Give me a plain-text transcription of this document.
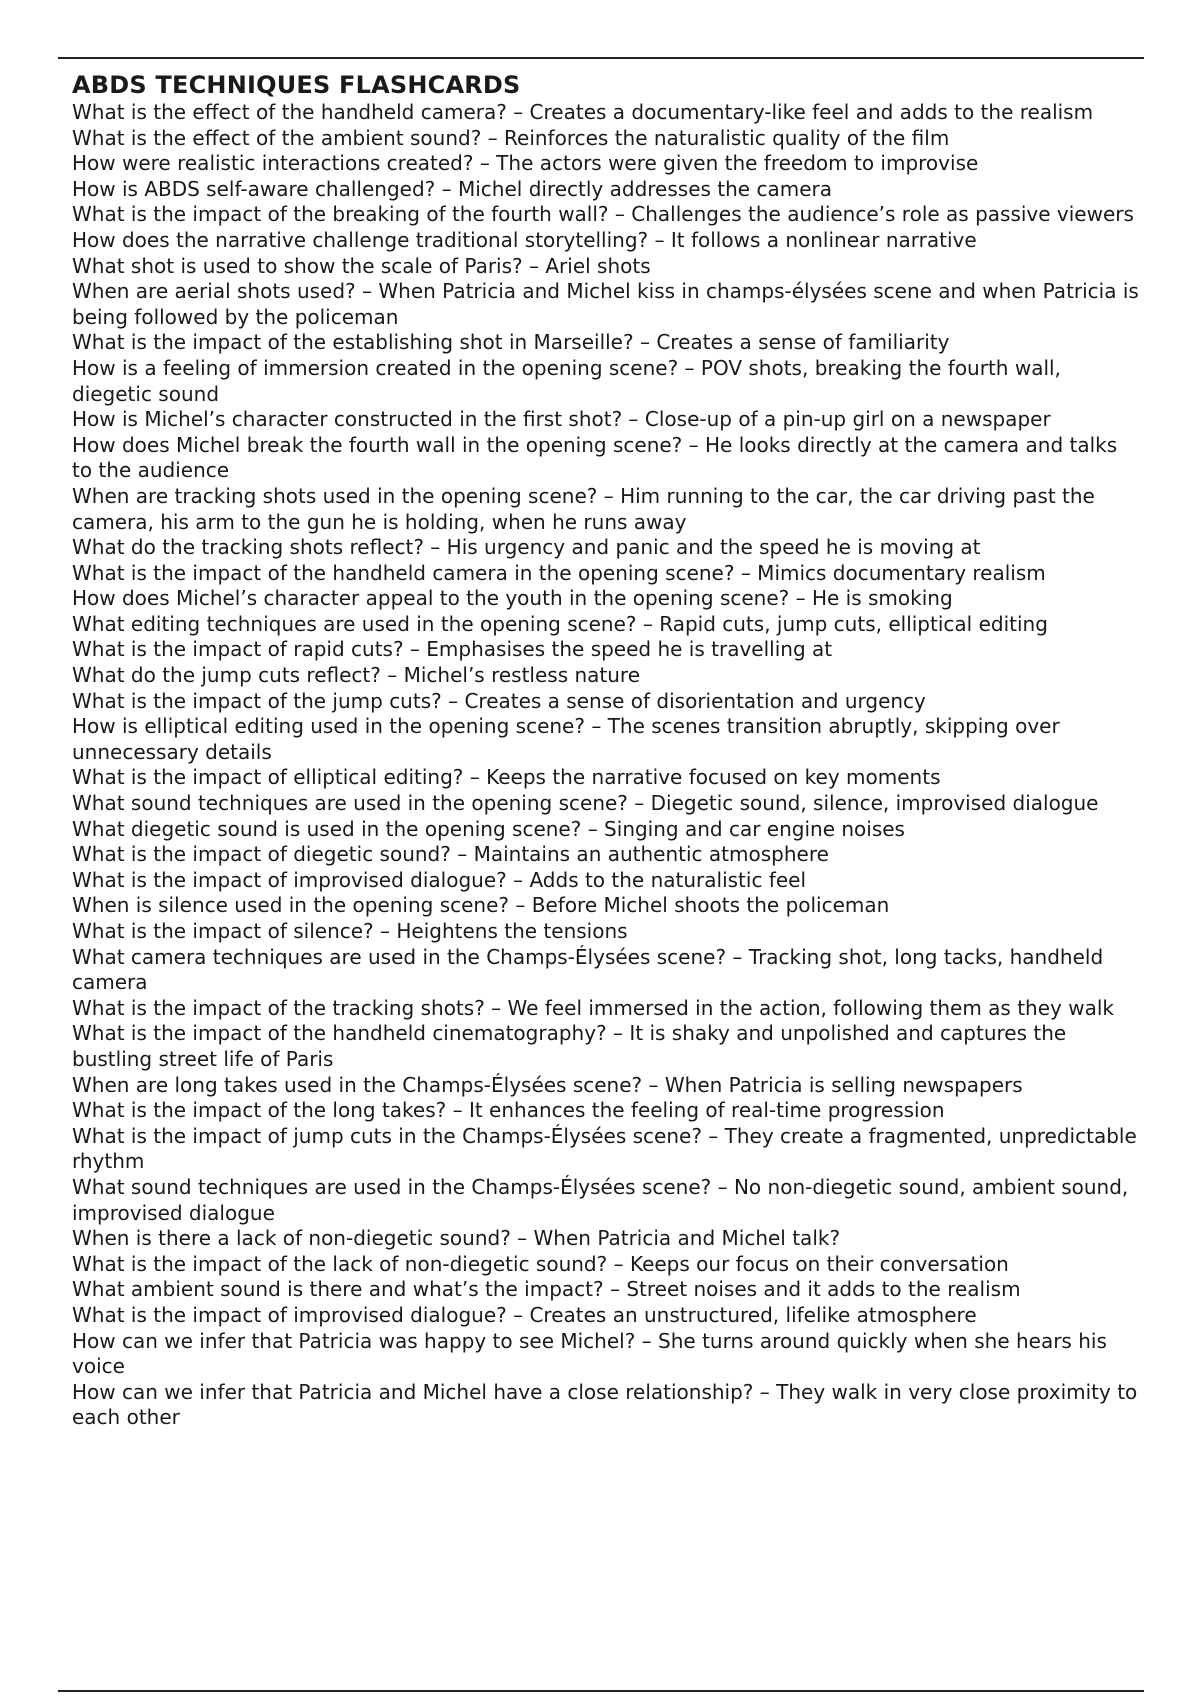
ABDS TECHNIQUES FLASHCARDS
What is the effect of the handheld camera? – Creates a documentary-like feel and adds to the realism
What is the effect of the ambient sound? – Reinforces the naturalistic quality of the film
How were realistic interactions created? – The actors were given the freedom to improvise
How is ABDS self-aware challenged? – Michel directly addresses the camera
What is the impact of the breaking of the fourth wall? – Challenges the audience’s role as passive viewers
How does the narrative challenge traditional storytelling? – It follows a nonlinear narrative
What shot is used to show the scale of Paris? – Ariel shots
When are aerial shots used? – When Patricia and Michel kiss in champs-élysées scene and when Patricia is being followed by the policeman
What is the impact of the establishing shot in Marseille? – Creates a sense of familiarity
How is a feeling of immersion created in the opening scene? – POV shots, breaking the fourth wall, diegetic sound
How is Michel’s character constructed in the first shot? – Close-up of a pin-up girl on a newspaper
How does Michel break the fourth wall in the opening scene? – He looks directly at the camera and talks to the audience
When are tracking shots used in the opening scene? – Him running to the car, the car driving past the camera, his arm to the gun he is holding, when he runs away
What do the tracking shots reflect? – His urgency and panic and the speed he is moving at
What is the impact of the handheld camera in the opening scene? – Mimics documentary realism
How does Michel’s character appeal to the youth in the opening scene? – He is smoking
What editing techniques are used in the opening scene? – Rapid cuts, jump cuts, elliptical editing
What is the impact of rapid cuts? – Emphasises the speed he is travelling at
What do the jump cuts reflect? – Michel’s restless nature
What is the impact of the jump cuts? – Creates a sense of disorientation and urgency
How is elliptical editing used in the opening scene? – The scenes transition abruptly, skipping over unnecessary details
What is the impact of elliptical editing? – Keeps the narrative focused on key moments
What sound techniques are used in the opening scene? – Diegetic sound, silence, improvised dialogue
What diegetic sound is used in the opening scene? – Singing and car engine noises
What is the impact of diegetic sound? – Maintains an authentic atmosphere
What is the impact of improvised dialogue? – Adds to the naturalistic feel
When is silence used in the opening scene? – Before Michel shoots the policeman
What is the impact of silence? – Heightens the tensions
What camera techniques are used in the Champs-Élysées scene? – Tracking shot, long tacks, handheld camera
What is the impact of the tracking shots? – We feel immersed in the action, following them as they walk
What is the impact of the handheld cinematography? – It is shaky and unpolished and captures the bustling street life of Paris
When are long takes used in the Champs-Élysées scene? – When Patricia is selling newspapers
What is the impact of the long takes? – It enhances the feeling of real-time progression
What is the impact of jump cuts in the Champs-Élysées scene? – They create a fragmented, unpredictable rhythm
What sound techniques are used in the Champs-Élysées scene? – No non-diegetic sound, ambient sound, improvised dialogue
When is there a lack of non-diegetic sound? – When Patricia and Michel talk?
What is the impact of the lack of non-diegetic sound? – Keeps our focus on their conversation
What ambient sound is there and what’s the impact? – Street noises and it adds to the realism
What is the impact of improvised dialogue? – Creates an unstructured, lifelike atmosphere
How can we infer that Patricia was happy to see Michel? – She turns around quickly when she hears his voice
How can we infer that Patricia and Michel have a close relationship? – They walk in very close proximity to each other
